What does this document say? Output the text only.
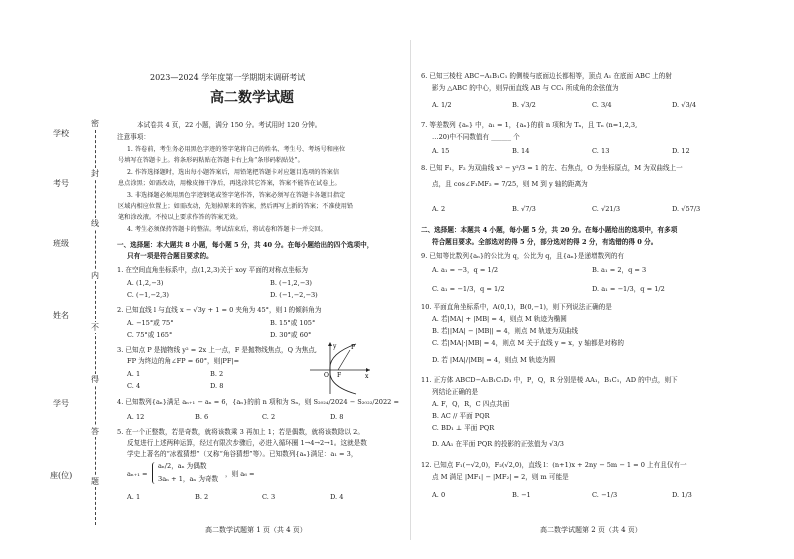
学校
考号
班级
姓名
学号
座(位)
密
封
线
内
不
得
答
题
2023—2024 学年度第一学期期末调研考试
高二数学试题
本试卷共 4 页，22 小题，满分 150 分。考试用时 120 分钟。
注意事项：
1. 答卷前，考生务必用黑色字迹的签字笔将自己的姓名、考生号、考场号和座位
号填写在答题卡上。将条形码粘贴在答题卡右上角“条形码粘贴处”。
2. 作答选择题时，选出每小题答案后，用铅笔把答题卡对应题目选项的答案信
息点涂黑；如需改动，用橡皮擦干净后，再选涂其它答案，答案不能答在试卷上。
3. 非选择题必须用黑色字迹钢笔或签字笔作答，答案必须写在答题卡各题目指定
区域内相应位置上；如需改动，先划掉原来的答案，然后再写上新的答案；不准使用铅
笔和涂改液。不按以上要求作答的答案无效。
4. 考生必须保持答题卡的整洁。考试结束后，将试卷和答题卡一并交回。
一、选择题：本大题共 8 小题，每小题 5 分，共 40 分。在每小题给出的四个选项中，
只有一项是符合题目要求的。
1. 在空间直角坐标系中，点(1,2,3)关于 xoy 平面的对称点坐标为
A. (1,2,−3)	B. (−1,2,−3)
C. (−1,−2,3)	D. (−1,−2,−3)
2. 已知直线 l 与直线 x − √3y + 1 = 0 夹角为 45°，则 l 的倾斜角为
A. −15°或 75°	B. 15°或 105°
C. 75°或 165°	D. 30°或 60°
3. 已知点 P 是抛物线 y² = 2x 上一点，F 是抛物线焦点，Q 为焦点,
FP 为终边的角∠FP = 60°，则|PF|=
A. 1	B. 2
C. 4	D. 8
P
O F	x
y
4. 已知数列{aₙ}满足 aₙ₊₁ − aₙ = 6，{aₙ}的前 n 项和为 Sₙ，则 S₂₀₂₄/2024 − S₂₀₂₂/2022 =
A. 12	B. 6	C. 2	D. 8
5. 在一个正整数，若是奇数，就将该数乘 3 再加上 1；若是偶数，就将该数除以 2。
反复进行上述两种运算，经过有限次步骤后，必进入循环圈 1→4→2→1。这就是数
学史上著名的“冰雹猜想”（又称“角谷猜想”等）。已知数列{aₙ}满足：a₁ = 3，
aₙ₊₁ =
aₙ/2，aₙ 为偶数
3aₙ + 1，aₙ 为奇数
，则 a₆ =
A. 1	B. 2	C. 3	D. 4
高二数学试题第 1 页（共 4 页）
6. 已知三棱柱 ABC−A₁B₁C₁ 的侧棱与底面边长都相等，顶点 A₁ 在底面 ABC 上的射
影为 △ABC 的中心，则异面直线 AB 与 CC₁ 所成角的余弦值为
A. 1/2	B. √3/2	C. 3/4	D. √3/4
7. 等差数列 {aₙ} 中，a₁ = 1，{aₙ}的前 n 项和为 Tₙ，且 Tₙ (n=1,2,3,
…20)中不同数值有 ______ 个
A. 15	B. 14	C. 13	D. 12
8. 已知 F₁，F₂ 为双曲线 x² − y²/3 = 1 的左、右焦点，O 为坐标原点，M 为双曲线上一
点，且 cos∠F₁MF₂ = 7/25，则 M 到 y 轴的距离为
A. 2	B. √7/3	C. √21/3	D. √57/3
二、选择题：本题共 4 小题，每小题 5 分，共 20 分。在每小题给出的选项中，有多项
符合题目要求。全部选对的得 5 分，部分选对的得 2 分，有选错的得 0 分。
9. 已知等比数列{aₙ}的公比为 q，公比为 q，且{aₙ}是递增数列的有
A. a₁ = −3，q = 1/2	B. a₁ = 2，q = 3
C. a₁ = −1/3，q = 1/2	D. a₁ = −1/3，q = 1/2
10. 平面直角坐标系中，A(0,1)，B(0,−1)，则下列说法正确的是
A. 若|MA| + |MB| = 4，则点 M 轨迹为椭圆
B. 若||MA| − |MB|| = 4，则点 M 轨迹为双曲线
C. 若|MA|·|MB| = 4，则点 M 关于直线 y = x，y 轴都是对称的
D. 若 |MA|/|MB| = 4，则点 M 轨迹为圆
11. 正方体 ABCD−A₁B₁C₁D₁ 中，P，Q，R 分别是棱 AA₁，B₁C₁，AD 的中点，则下
列结论正确的是
A. F，Q，R，C 四点共面
B. AC // 平面 PQR
C. BD₁ ⊥ 平面 PQR
D. AA₁ 在平面 PQR 的投影的正弦值为 √3/3
12. 已知点 F₁(−√2,0)，F₂(√2,0)，直线 l：(n+1)x + 2ny − 5m − 1 = 0 上有且仅有一
点 M 满足 |MF₁| − |MF₂| = 2，则 m 可能是
A. 0	B. −1	C. −1/3	D. 1/3
高二数学试题第 2 页（共 4 页）
